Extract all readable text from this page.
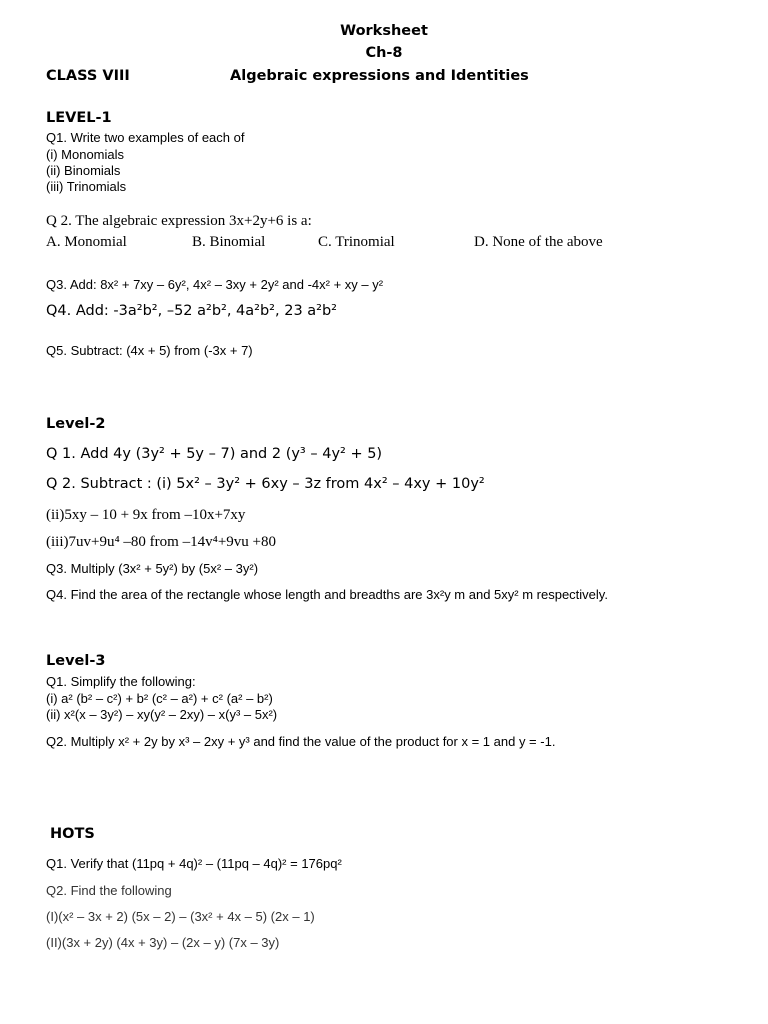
Worksheet
Ch-8
CLASS VIII	Algebraic expressions and Identities
LEVEL-1
Q1. Write two examples of each of
(i) Monomials
(ii) Binomials
(iii) Trinomials
Q 2. The algebraic expression 3x+2y+6 is a:
A. Monomial	B. Binomial	C. Trinomial	D. None of the above
Q3. Add: 8x² + 7xy – 6y², 4x² – 3xy + 2y² and -4x² + xy – y²
Q4. Add: -3a²b², –52 a²b², 4a²b², 23 a²b²
Q5. Subtract: (4x + 5) from (-3x + 7)
Level-2
Q 1. Add 4y (3y² + 5y – 7) and 2 (y³ – 4y² + 5)
Q 2. Subtract : (i) 5x² – 3y² + 6xy – 3z from 4x² – 4xy + 10y²
(ii)5xy – 10 + 9x from –10x+7xy
(iii)7uv+9u⁴ –80 from –14v⁴+9vu +80
Q3. Multiply (3x² + 5y²) by (5x² – 3y²)
Q4. Find the area of the rectangle whose length and breadths are 3x²y m and 5xy² m respectively.
Level-3
Q1. Simplify the following:
(i) a² (b² – c²) + b² (c² – a²) + c² (a² – b²)
(ii) x²(x – 3y²) – xy(y² – 2xy) – x(y³ – 5x²)
Q2. Multiply x² + 2y by x³ – 2xy + y³ and find the value of the product for x = 1 and y = -1.
HOTS
Q1. Verify that (11pq + 4q)² – (11pq – 4q)² = 176pq²
Q2. Find the following
(I)(x² – 3x + 2) (5x – 2) – (3x² + 4x – 5) (2x – 1)
(II)(3x + 2y) (4x + 3y) – (2x – y) (7x – 3y)
